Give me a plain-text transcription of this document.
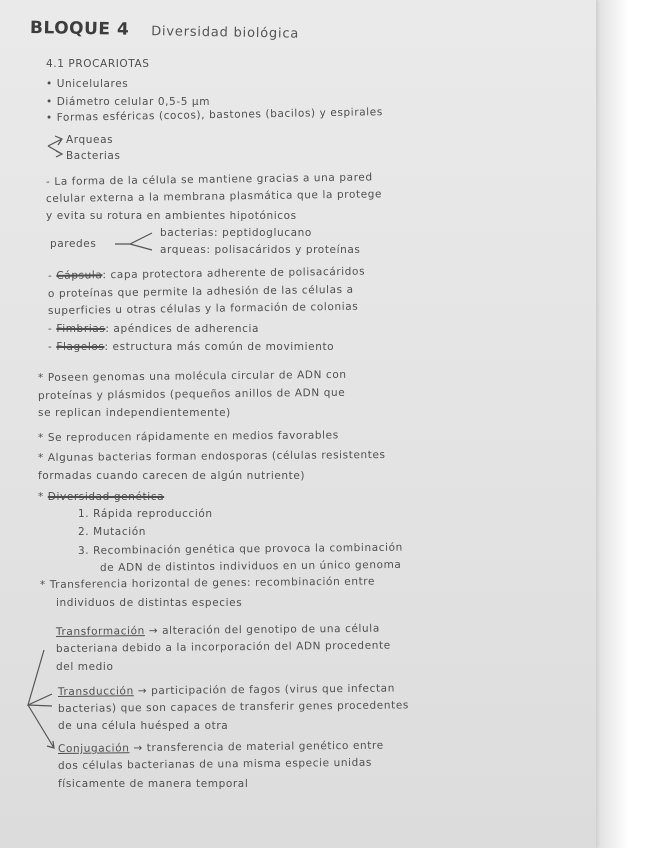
BLOQUE 4 Diversidad biológica
4.1 PROCARIOTAS
• Unicelulares
• Diámetro celular 0,5-5 µm
• Formas esféricas (cocos), bastones (bacilos) y espirales
Arqueas
Bacterias
- La forma de la célula se mantiene gracias a una pared
celular externa a la membrana plasmática que la protege
y evita su rotura en ambientes hipotónicos
bacterias: peptidoglucano
paredes	arqueas: polisacáridos y proteínas
- Cápsula: capa protectora adherente de polisacáridos
o proteínas que permite la adhesión de las células a
superficies u otras células y la formación de colonias
- Fimbrias: apéndices de adherencia
- Flagelos: estructura más común de movimiento
* Poseen genomas una molécula circular de ADN con
proteínas y plásmidos (pequeños anillos de ADN que
se replican independientemente)
* Se reproducen rápidamente en medios favorables
* Algunas bacterias forman endosporas (células resistentes
formadas cuando carecen de algún nutriente)
* Diversidad genética
1. Rápida reproducción
2. Mutación
3. Recombinación genética que provoca la combinación
de ADN de distintos individuos en un único genoma
* Transferencia horizontal de genes: recombinación entre
individuos de distintas especies
Transformación → alteración del genotipo de una célula
bacteriana debido a la incorporación del ADN procedente
del medio
Transducción → participación de fagos (virus que infectan
bacterias) que son capaces de transferir genes procedentes
de una célula huésped a otra
Conjugación → transferencia de material genético entre
dos células bacterianas de una misma especie unidas
físicamente de manera temporal
